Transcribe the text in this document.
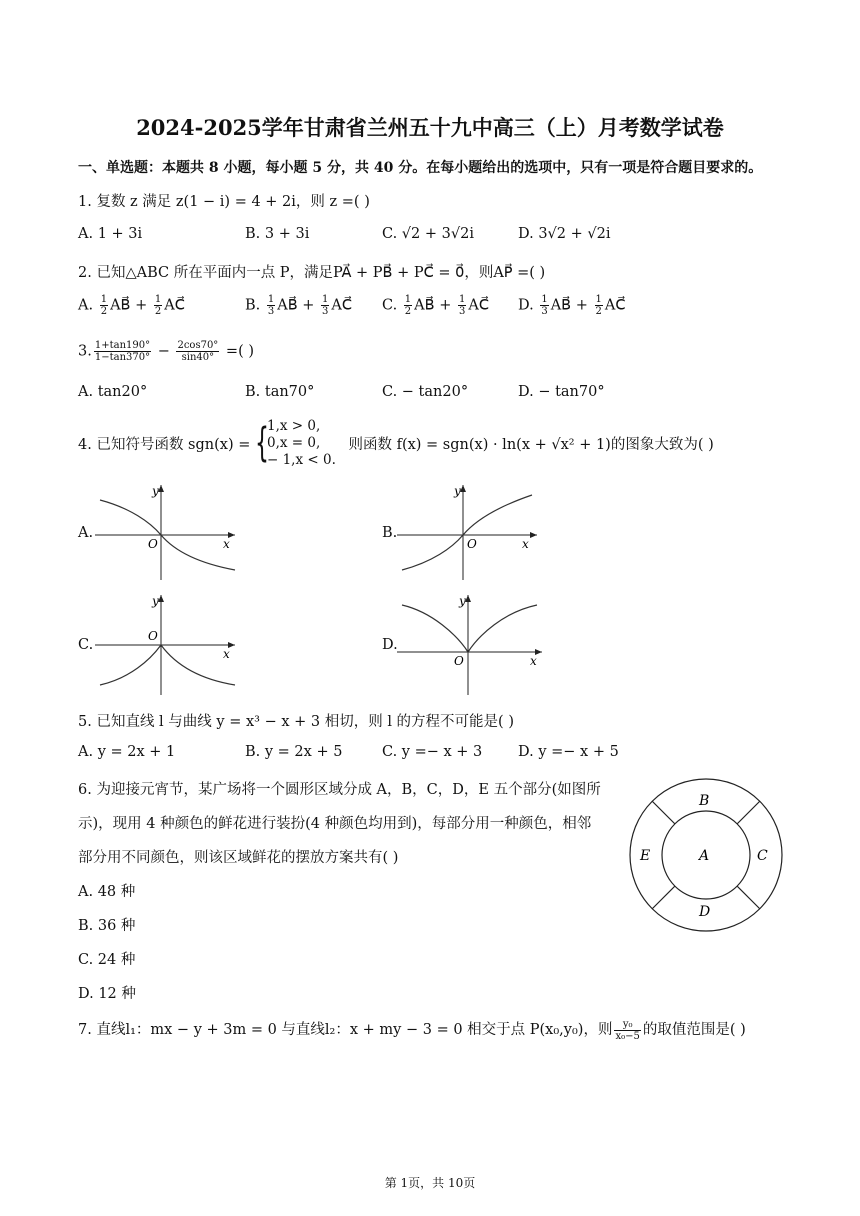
2024-2025学年甘肃省兰州五十九中高三（上）月考数学试卷
一、单选题：本题共 8 小题，每小题 5 分，共 40 分。在每小题给出的选项中，只有一项是符合题目要求的。
1. 复数 z 满足 z(1 − i) = 4 + 2i，则 z =( )
A. 1 + 3i	B. 3 + 3i	C. √2 + 3√2i	D. 3√2 + √2i
2. 已知△ABC 所在平面内一点 P，满足PA⃗ + PB⃗ + PC⃗ = 0⃗，则AP⃗ =( )
A. $\frac{1}{2}$ AB⃗ + $\frac{1}{2}$ AC⃗	B. $\frac{1}{3}$ AB⃗ + $\frac{1}{3}$ AC⃗ C. $\frac{1}{2}$ AB⃗ + $\frac{1}{3}$ AC⃗ D. $\frac{1}{3}$ AB⃗ + $\frac{1}{2}$ AC⃗
3. $\frac{1+\tan 190^\circ}{1-\tan 370^\circ} - \frac{2\cos 70^\circ}{\sin 40^\circ}$ =( )
A. tan20°	B. tan70°	C. − tan20°	D. − tan70°
4. 已知符号函数 sgn(x) = {
1,x > 0,
0,x = 0,
− 1,x < 0.
则函数 f(x) = sgn(x) · ln(x + √x² + 1)的图象大致为( )
A.
y
x
O
B.
y
x
O
C.
y
x
O
D.
y
x
O
5. 已知直线 l 与曲线 y = x³ − x + 3 相切，则 l 的方程不可能是( )
A. y = 2x + 1	B. y = 2x + 5	C. y =− x + 3 D. y =− x + 5
6. 为迎接元宵节，某广场将一个圆形区域分成 A，B，C，D，E 五个部分(如图所
示)，现用 4 种颜色的鲜花进行装扮(4 种颜色均用到)，每部分用一种颜色，相邻
部分用不同颜色，则该区域鲜花的摆放方案共有( )
A. 48 种
B. 36 种
C. 24 种
D. 12 种
B
E	A	C
D
7. 直线l₁：mx − y + 3m = 0 与直线l₂：x + my − 3 = 0 相交于点 P(x₀,y₀)，则 $\frac{\text{y₀}}{\text{x₀−5}}$ 的取值范围是( )
第 1页，共 10页
